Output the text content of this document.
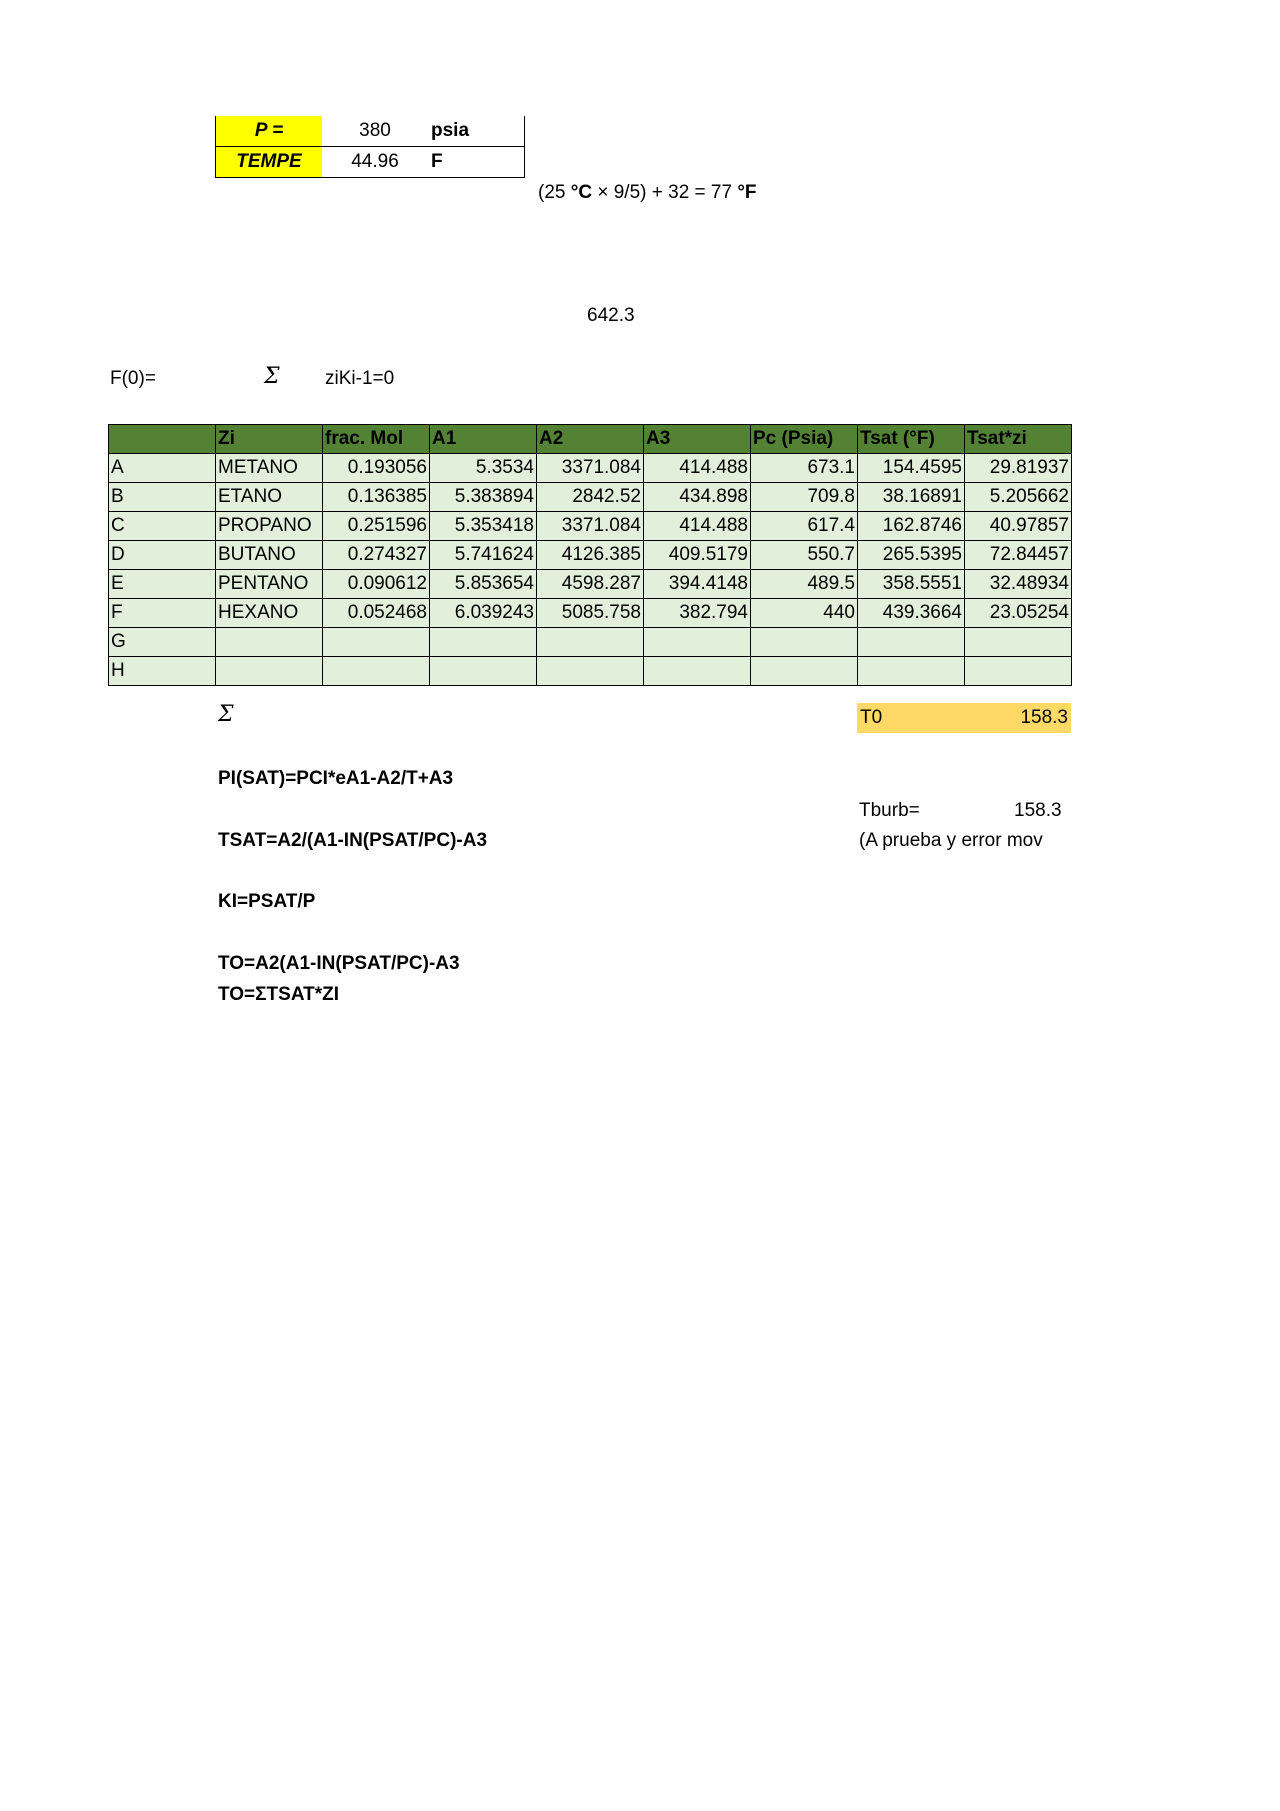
P =	380	psia
TEMPE	44.96	F
(25 °C × 9/5) + 32 = 77 °F
642.3
F(0)=	Σ ziKi-1=0
	Zi	frac. Mol	A1	A2	A3	Pc (Psia)	Tsat (°F)	Tsat*zi
A	METANO	0.193056	5.3534	3371.084	414.488	673.1	154.4595	29.81937
B	ETANO	0.136385	5.383894	2842.52	434.898	709.8	38.16891	5.205662
C	PROPANO	0.251596	5.353418	3371.084	414.488	617.4	162.8746	40.97857
D	BUTANO	0.274327	5.741624	4126.385	409.5179	550.7	265.5395	72.84457
E	PENTANO	0.090612	5.853654	4598.287	394.4148	489.5	358.5551	32.48934
F	HEXANO	0.052468	6.039243	5085.758	382.794	440	439.3664	23.05254
G								
H								
Σ	T0	158.3
Tburb=	158.3
(A prueba y error mov
PI(SAT)=PCI*eA1-A2/T+A3
TSAT=A2/(A1-IN(PSAT/PC)-A3
KI=PSAT/P
TO=A2(A1-IN(PSAT/PC)-A3
TO=ΣTSAT*ZI
